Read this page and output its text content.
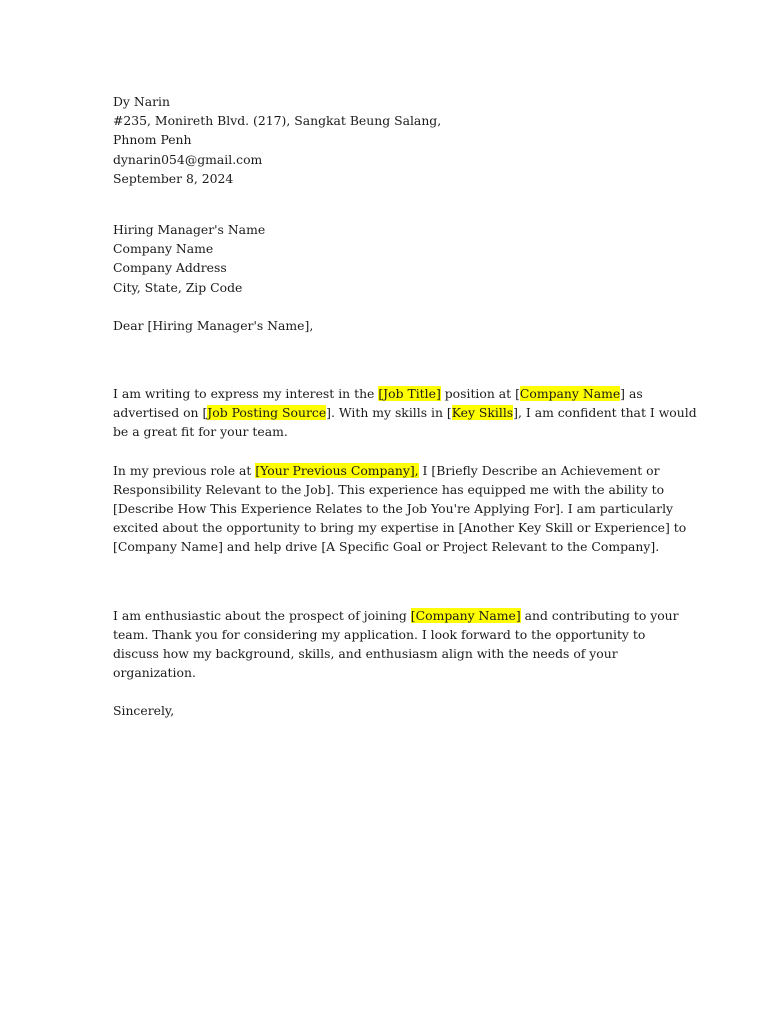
Dy Narin
#235, Monireth Blvd. (217), Sangkat Beung Salang,
Phnom Penh
dynarin054@gmail.com
September 8, 2024
Hiring Manager's Name
Company Name
Company Address
City, State, Zip Code
Dear [Hiring Manager's Name],
I am writing to express my interest in the [Job Title] position at [Company Name] as
advertised on [Job Posting Source]. With my skills in [Key Skills], I am confident that I would
be a great fit for your team.
In my previous role at [Your Previous Company], I [Briefly Describe an Achievement or
Responsibility Relevant to the Job]. This experience has equipped me with the ability to
[Describe How This Experience Relates to the Job You're Applying For]. I am particularly
excited about the opportunity to bring my expertise in [Another Key Skill or Experience] to
[Company Name] and help drive [A Specific Goal or Project Relevant to the Company].
I am enthusiastic about the prospect of joining [Company Name] and contributing to your
team. Thank you for considering my application. I look forward to the opportunity to
discuss how my background, skills, and enthusiasm align with the needs of your
organization.
Sincerely,
